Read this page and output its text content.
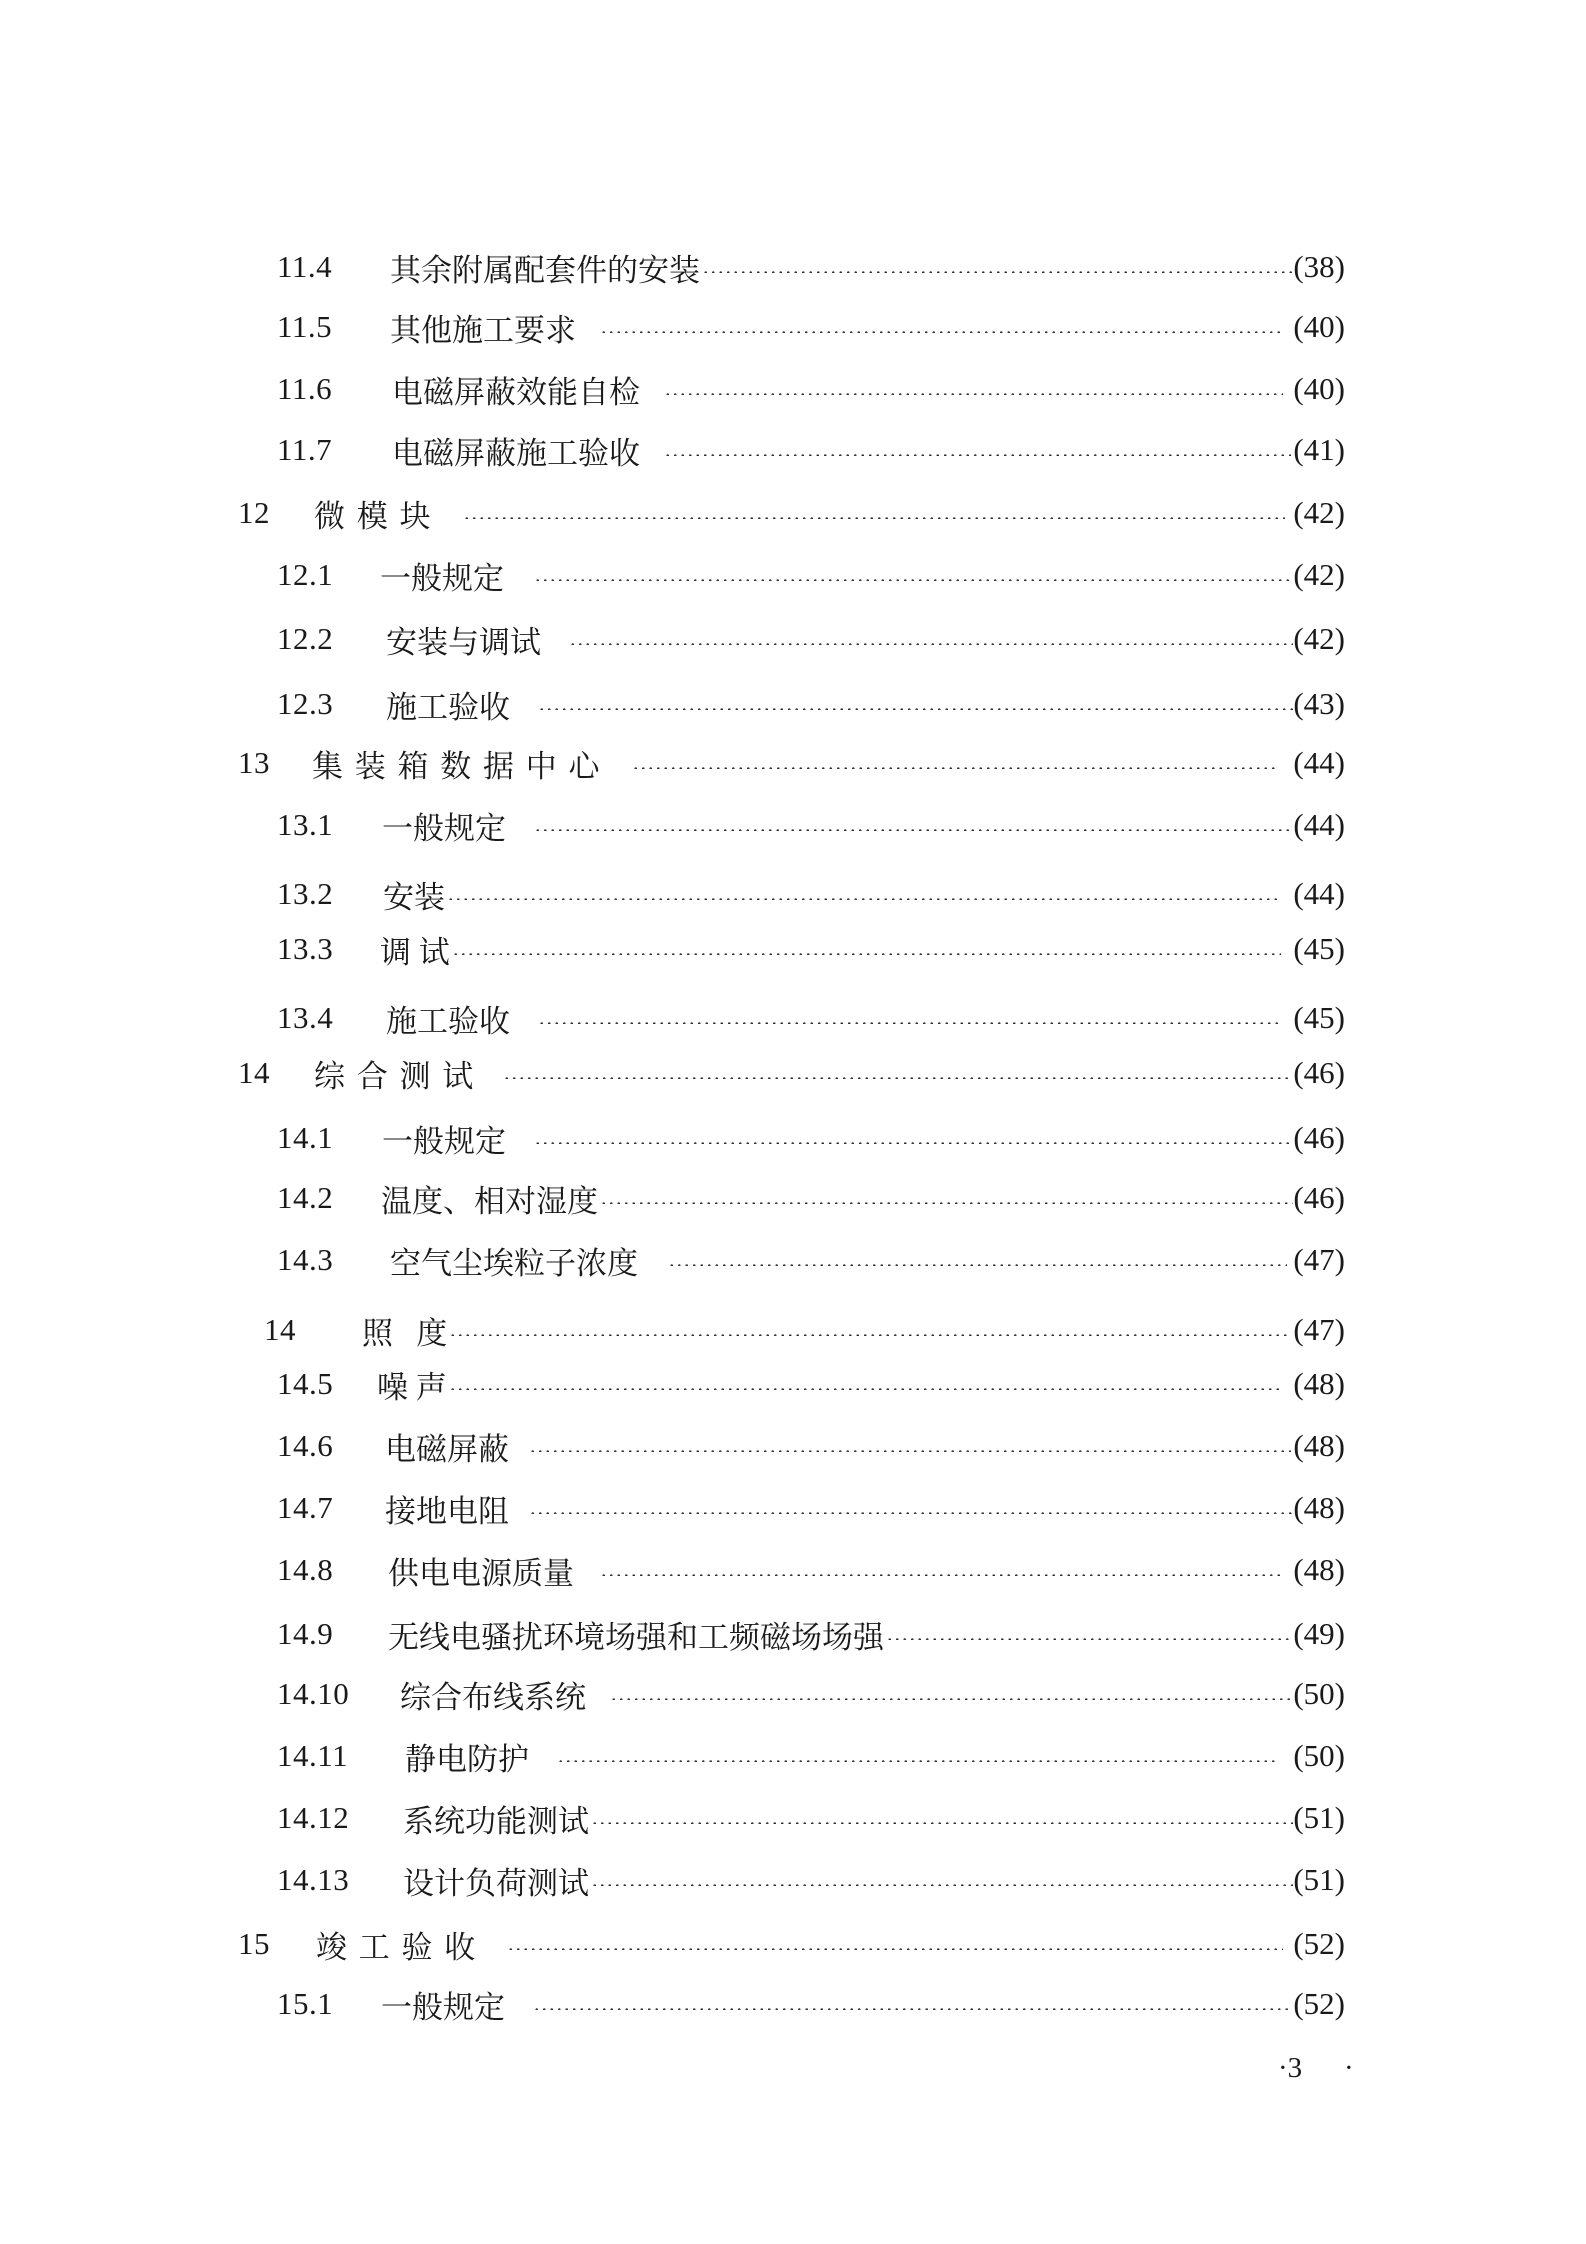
11.4	其余附属配套件的安装	(38)
11.5	其他施工要求	(40)
11.6	电磁屏蔽效能自检	(40)
11.7	电磁屏蔽施工验收	(41)
12	微 模 块	(42)
12.1	一般规定	(42)
12.2	安装与调试	(42)
12.3	施工验收	(43)
13	集 装 箱 数 据 中 心	(44)
13.1	一般规定	(44)
13.2	安装	(44)
13.3	调 试	(45)
13.4	施工验收	(45)
14	综 合 测 试	(46)
14.1	一般规定	(46)
14.2	温度、相对湿度	(46)
14.3	空气尘埃粒子浓度	(47)
14	照   度	(47)
14.5	噪 声	(48)
14.6	电磁屏蔽	(48)
14.7	接地电阻	(48)
14.8	供电电源质量	(48)
14.9	无线电骚扰环境场强和工频磁场场强	(49)
14.10	综合布线系统	(50)
14.11	静电防护	(50)
14.12	系统功能测试	(51)
14.13	设计负荷测试	(51)
15	竣 工 验 收	(52)
15.1	一般规定	(52)
·3 ·
